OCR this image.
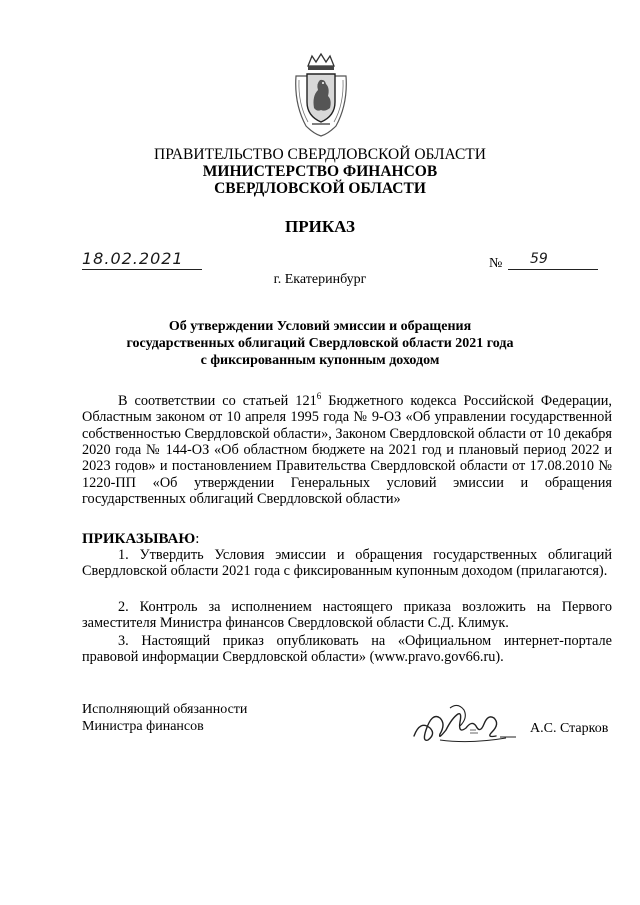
ПРАВИТЕЛЬСТВО СВЕРДЛОВСКОЙ ОБЛАСТИ
МИНИСТЕРСТВО ФИНАНСОВ
СВЕРДЛОВСКОЙ ОБЛАСТИ
ПРИКАЗ
18.02.2021	№	59
г. Екатеринбург
Об утверждении Условий эмиссии и обращения
государственных облигаций Свердловской области 2021 года
с фиксированным купонным доходом
В соответствии со статьей $121^6$ Бюджетного кодекса Российской Федерации, Областным законом от 10 апреля 1995 года № 9-ОЗ «Об управлении государственной собственностью Свердловской области», Законом Свердловской области от 10 декабря 2020 года № 144-ОЗ «Об областном бюджете на 2021 год и плановый период 2022 и 2023 годов» и постановлением Правительства Свердловской области от 17.08.2010 № 1220-ПП «Об утверждении Генеральных условий эмиссии и обращения государственных облигаций Свердловской области»
ПРИКАЗЫВАЮ:
1. Утвердить Условия эмиссии и обращения государственных облигаций Свердловской области 2021 года с фиксированным купонным доходом (прилагаются).
2. Контроль за исполнением настоящего приказа возложить на Первого заместителя Министра финансов Свердловской области С.Д. Климук.
3. Настоящий приказ опубликовать на «Официальном интернет-портале правовой информации Свердловской области» (www.pravo.gov66.ru).
Исполняющий обязанности
Министра финансов	А.С. Старков
